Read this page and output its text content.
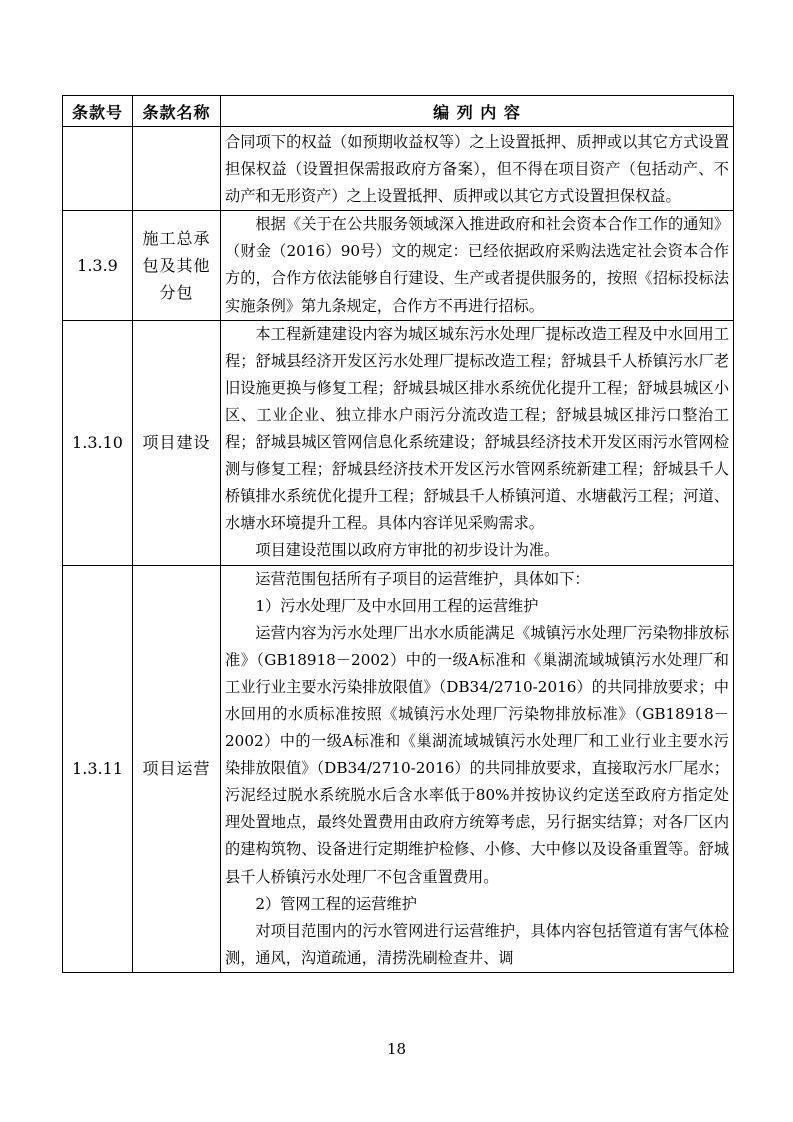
条款号	条款名称	编 列 内 容

		合同项下的权益（如预期收益权等）之上设置抵押、质押或以其它方式设置担保权益（设置担保需报政府方备案），但不得在项目资产（包括动产、不动产和无形资产）之上设置抵押、质押或以其它方式设置担保权益。

1.3.9	施工总承包及其他分包	根据《关于在公共服务领域深入推进政府和社会资本合作工作的通知》（财金（2016）90号）文的规定：已经依据政府采购法选定社会资本合作方的，合作方依法能够自行建设、生产或者提供服务的，按照《招标投标法实施条例》第九条规定，合作方不再进行招标。

1.3.10	项目建设	本工程新建建设内容为城区城东污水处理厂提标改造工程及中水回用工程；舒城县经济开发区污水处理厂提标改造工程；舒城县千人桥镇污水厂老旧设施更换与修复工程；舒城县城区排水系统优化提升工程；舒城县城区小区、工业企业、独立排水户雨污分流改造工程；舒城县城区排污口整治工程；舒城县城区管网信息化系统建设；舒城县经济技术开发区雨污水管网检测与修复工程；舒城县经济技术开发区污水管网系统新建工程；舒城县千人桥镇排水系统优化提升工程；舒城县千人桥镇河道、水塘截污工程；河道、水塘水环境提升工程。具体内容详见采购需求。

项目建设范围以政府方审批的初步设计为准。

1.3.11	项目运营	运营范围包括所有子项目的运营维护，具体如下：

1）污水处理厂及中水回用工程的运营维护

运营内容为污水处理厂出水水质能满足《城镇污水处理厂污染物排放标准》（GB18918－2002）中的一级A标准和《巢湖流域城镇污水处理厂和工业行业主要水污染排放限值》（DB34/2710-2016）的共同排放要求；中水回用的水质标准按照《城镇污水处理厂污染物排放标准》（GB18918－2002）中的一级A标准和《巢湖流域城镇污水处理厂和工业行业主要水污染排放限值》（DB34/2710-2016）的共同排放要求，直接取污水厂尾水；污泥经过脱水系统脱水后含水率低于80%并按协议约定送至政府方指定处理处置地点，最终处置费用由政府方统筹考虑，另行据实结算；对各厂区内的建构筑物、设备进行定期维护检修、小修、大中修以及设备重置等。舒城县千人桥镇污水处理厂不包含重置费用。

2）管网工程的运营维护

对项目范围内的污水管网进行运营维护，具体内容包括管道有害气体检测，通风，沟道疏通，清捞洗刷检查井、调

18
